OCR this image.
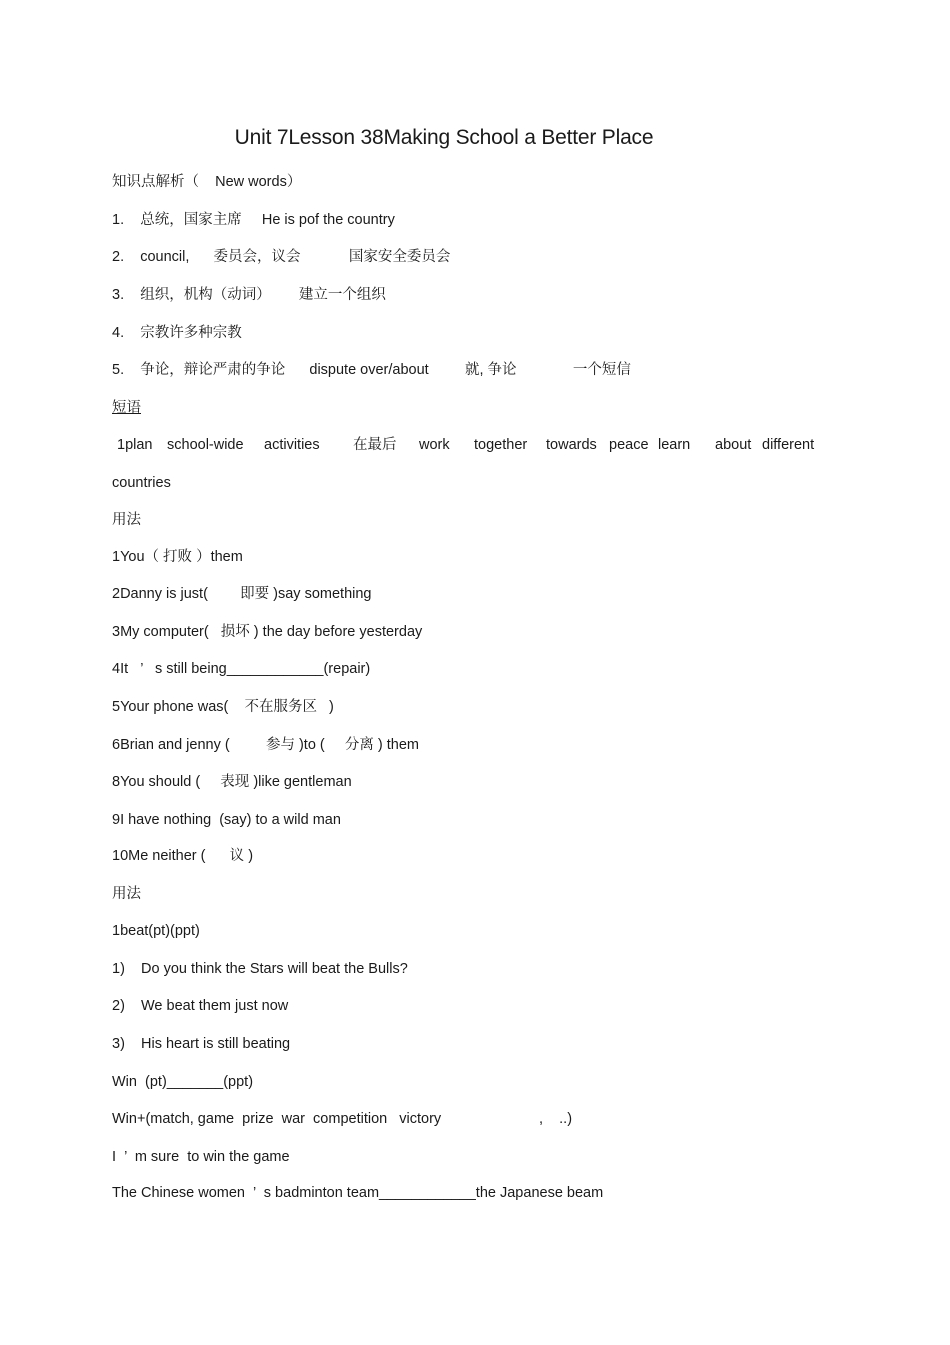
Unit 7Lesson 38Making School a Better Place
知识点解析（    New words）
1.    总统，国家主席     He is pof the country
2.    council,      委员会，议会            国家安全委员会
3.    组织，机构（动词）       建立一个组织
4.    宗教许多种宗教
5.    争论，辩论严肃的争论      dispute over/about         就, 争论              一个短信
短语

1plan

school-wide

activities

在最后

work

together

towards

peace

learn

about

different

countries
用法
1You（ 打败 ）them
2Danny is just(        即要 )say something
3My computer(   损坏 ) the day before yesterday
4It   ’   s still being____________(repair)
5Your phone was(    不在服务区   )
6Brian and jenny (         参与 )to (     分离 ) them
8You should (     表现 )like gentleman
9I have nothing  (say) to a wild man
10Me neither (      议 )
用法
1beat(pt)(ppt)
1)    Do you think the Stars will beat the Bulls?
2)    We beat them just now
3)    His heart is still beating
Win  (pt)_______(ppt)

Win+(match, game  prize  war  competition   victory

	,    ..)

I  ’  m sure  to win the game
The Chinese women  ’  s badminton team____________the Japanese beam
